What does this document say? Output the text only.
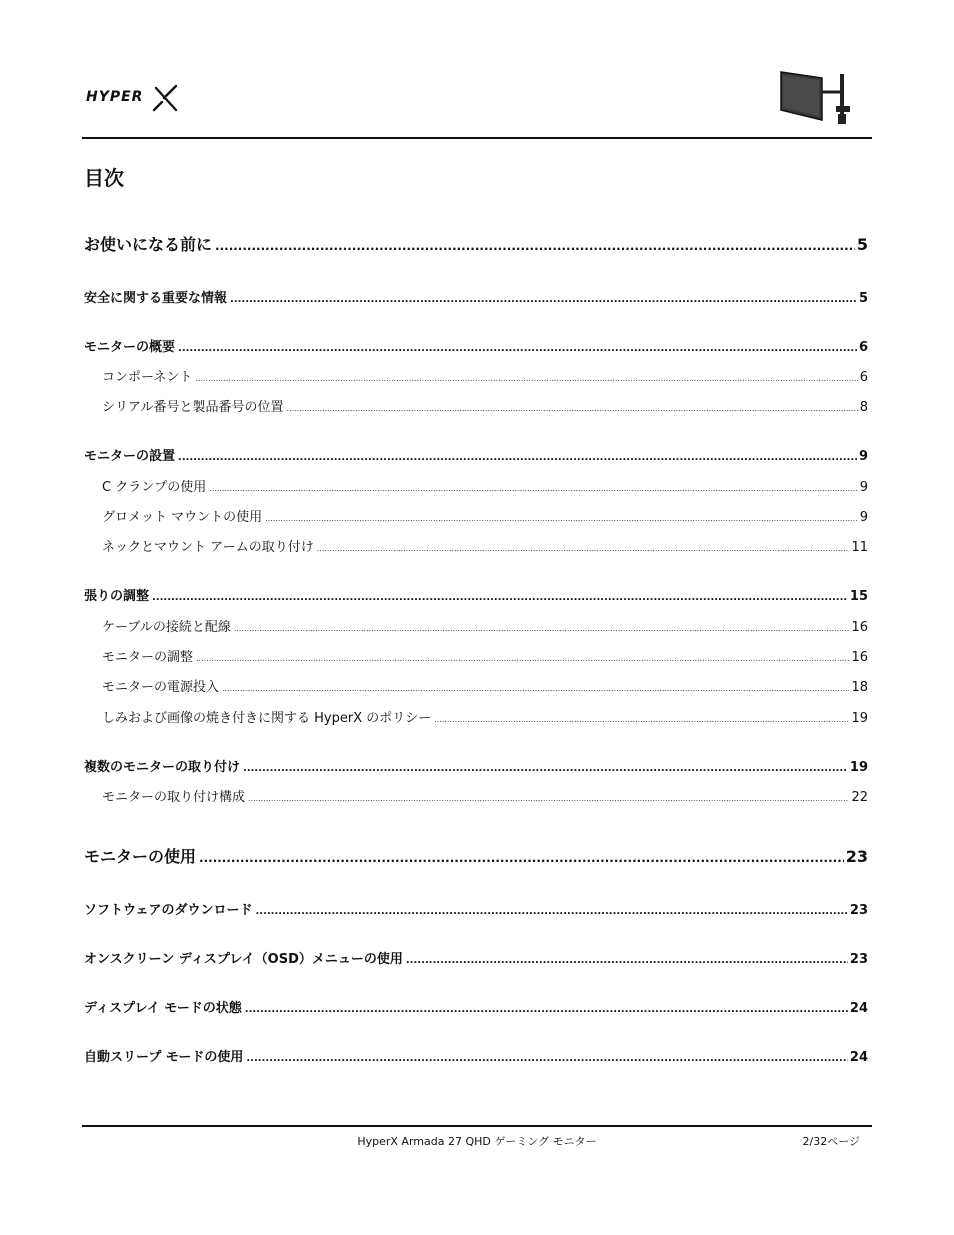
HYPER
目次
お使いになる前に .....	5
安全に関する重要な情報 .....	5
モニターの概要 .....	6
コンポーネント .....	6
シリアル番号と製品番号の位置 .....	8
モニターの設置 .....	9
C クランプの使用 .....	9
グロメット マウントの使用 .....	9
ネックとマウント アームの取り付け .....	11
張りの調整 .....	15
ケーブルの接続と配線 .....	16
モニターの調整 .....	16
モニターの電源投入 .....	18
しみおよび画像の焼き付きに関する HyperX のポリシー .....	19
複数のモニターの取り付け .....	19
モニターの取り付け構成 .....	22
モニターの使用 .....	23
ソフトウェアのダウンロード .....	23
オンスクリーン ディスプレイ（OSD）メニューの使用 .....	23
ディスプレイ モードの状態 .....	24
自動スリープ モードの使用 .....	24
HyperX Armada 27 QHD ゲーミング モニター	2/32ページ
